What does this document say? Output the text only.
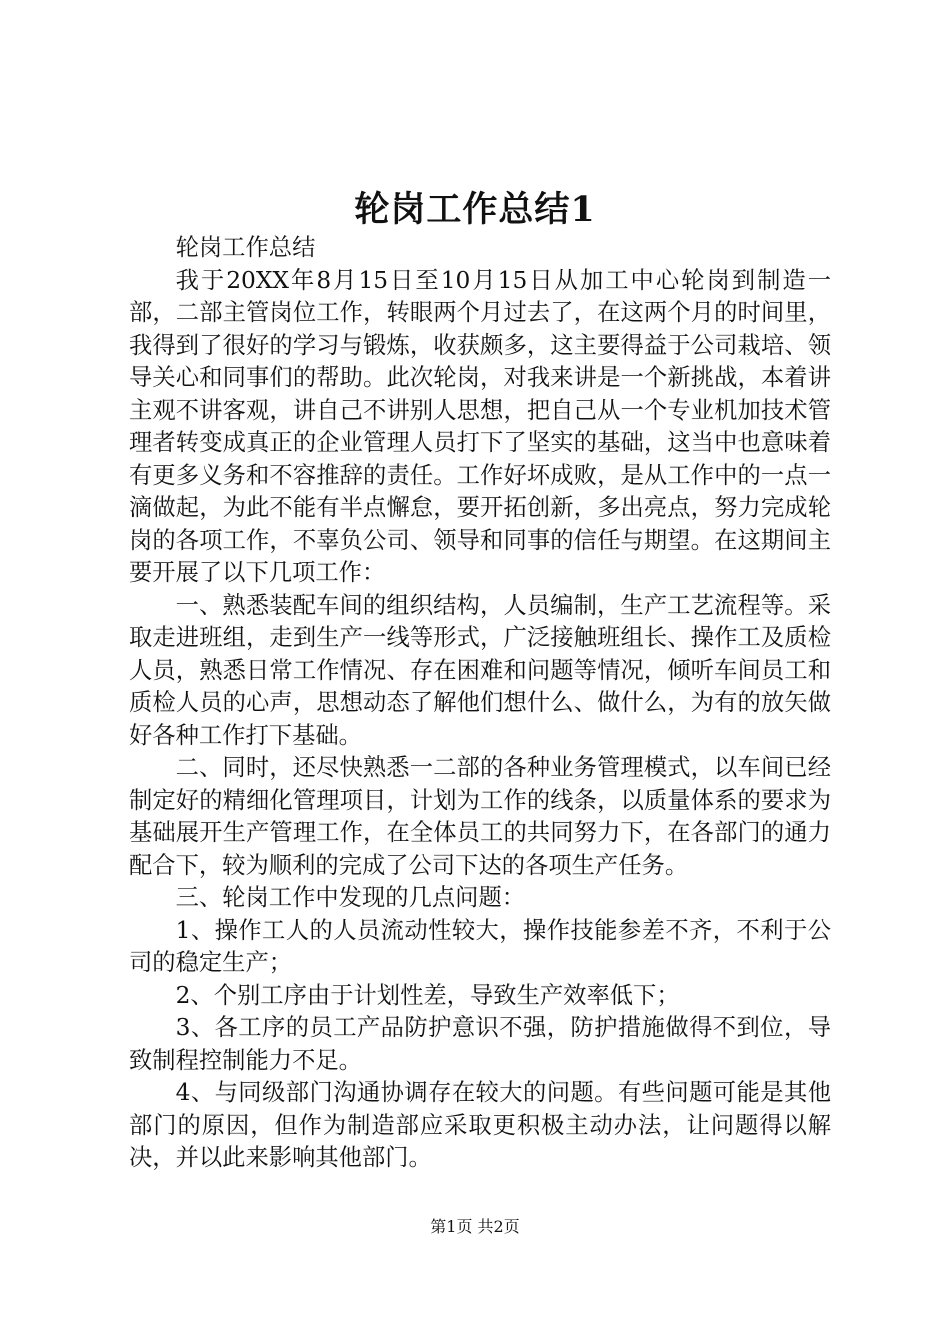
轮岗工作总结1

轮岗工作总结

我于20XX年8月15日至10月15日从加工中心轮岗到制造一部，二部主管岗位工作，转眼两个月过去了，在这两个月的时间里，我得到了很好的学习与锻炼，收获颇多，这主要得益于公司栽培、领导关心和同事们的帮助。此次轮岗，对我来讲是一个新挑战，本着讲主观不讲客观，讲自己不讲别人思想，把自己从一个专业机加技术管理者转变成真正的企业管理人员打下了坚实的基础，这当中也意味着有更多义务和不容推辞的责任。工作好坏成败，是从工作中的一点一滴做起，为此不能有半点懈怠，要开拓创新，多出亮点，努力完成轮岗的各项工作，不辜负公司、领导和同事的信任与期望。在这期间主要开展了以下几项工作：

一、熟悉装配车间的组织结构，人员编制，生产工艺流程等。采取走进班组，走到生产一线等形式，广泛接触班组长、操作工及质检人员，熟悉日常工作情况、存在困难和问题等情况，倾听车间员工和质检人员的心声，思想动态了解他们想什么、做什么，为有的放矢做好各种工作打下基础。

二、同时，还尽快熟悉一二部的各种业务管理模式，以车间已经制定好的精细化管理项目，计划为工作的线条，以质量体系的要求为基础展开生产管理工作，在全体员工的共同努力下，在各部门的通力配合下，较为顺利的完成了公司下达的各项生产任务。

三、轮岗工作中发现的几点问题：

1、操作工人的人员流动性较大，操作技能参差不齐，不利于公司的稳定生产；

2、个别工序由于计划性差，导致生产效率低下；

3、各工序的员工产品防护意识不强，防护措施做得不到位，导致制程控制能力不足。

4、与同级部门沟通协调存在较大的问题。有些问题可能是其他部门的原因，但作为制造部应采取更积极主动办法，让问题得以解决，并以此来影响其他部门。

第1页 共2页
